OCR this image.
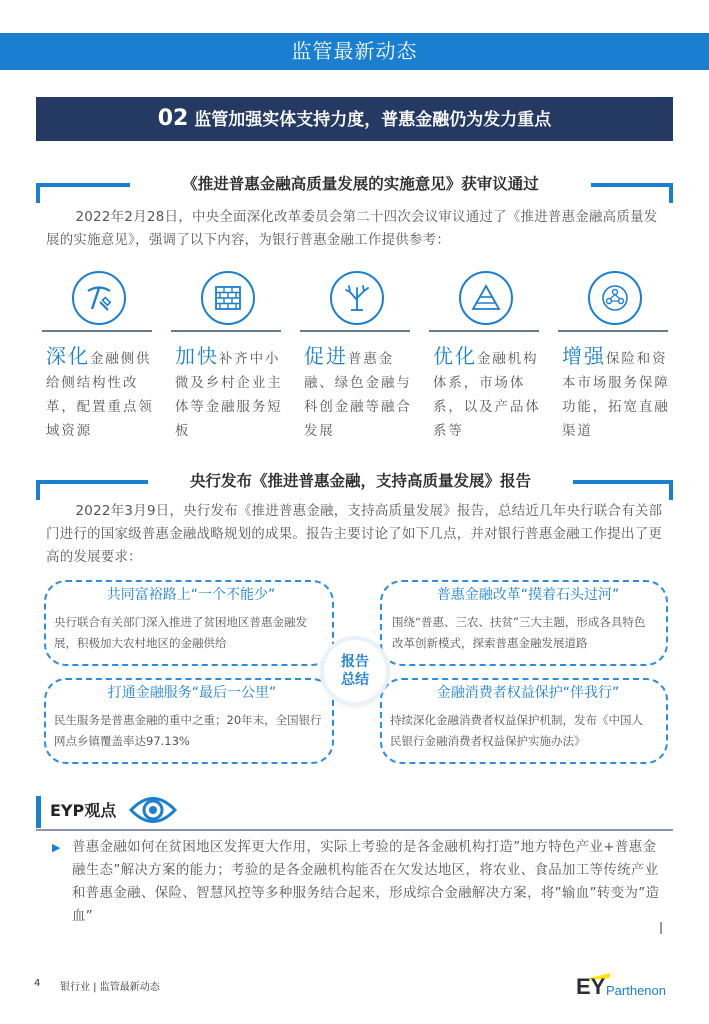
监管最新动态
02 监管加强实体支持力度，普惠金融仍为发力重点
《推进普惠金融高质量发展的实施意见》获审议通过
2022年2月28日，中央全面深化改革委员会第二十四次会议审议通过了《推进普惠金融高质量发展的实施意见》，强调了以下内容，为银行普惠金融工作提供参考：
深化金融侧供给侧结构性改革，配置重点领域资源
加快补齐中小微及乡村企业主体等金融服务短板
促进普惠金融、绿色金融与科创金融等融合发展
优化金融机构体系，市场体系，以及产品体系等
增强保险和资本市场服务保障功能，拓宽直融渠道
央行发布《推进普惠金融，支持高质量发展》报告
2022年3月9日，央行发布《推进普惠金融，支持高质量发展》报告，总结近几年央行联合有关部门进行的国家级普惠金融战略规划的成果。报告主要讨论了如下几点，并对银行普惠金融工作提出了更高的发展要求：
共同富裕路上“一个不能少”
央行联合有关部门深入推进了贫困地区普惠金融发展，积极加大农村地区的金融供给
普惠金融改革“摸着石头过河”
围绕“普惠、三农、扶贫”三大主题，形成各具特色改革创新模式，探索普惠金融发展道路
打通金融服务“最后一公里”
民生服务是普惠金融的重中之重；20年末，全国银行网点乡镇覆盖率达97.13%
金融消费者权益保护“伴我行”
持续深化金融消费者权益保护机制，发布《中国人民银行金融消费者权益保护实施办法》
报告
总结
EYP观点
▶ 普惠金融如何在贫困地区发挥更大作用，实际上考验的是各金融机构打造”地方特色产业+普惠金融生态”解决方案的能力；考验的是各金融机构能否在欠发达地区，将农业、食品加工等传统产业和普惠金融、保险、智慧风控等多种服务结合起来，形成综合金融解决方案，将”输血”转变为”造血”
4 银行业 | 监管最新动态	EY Parthenon
